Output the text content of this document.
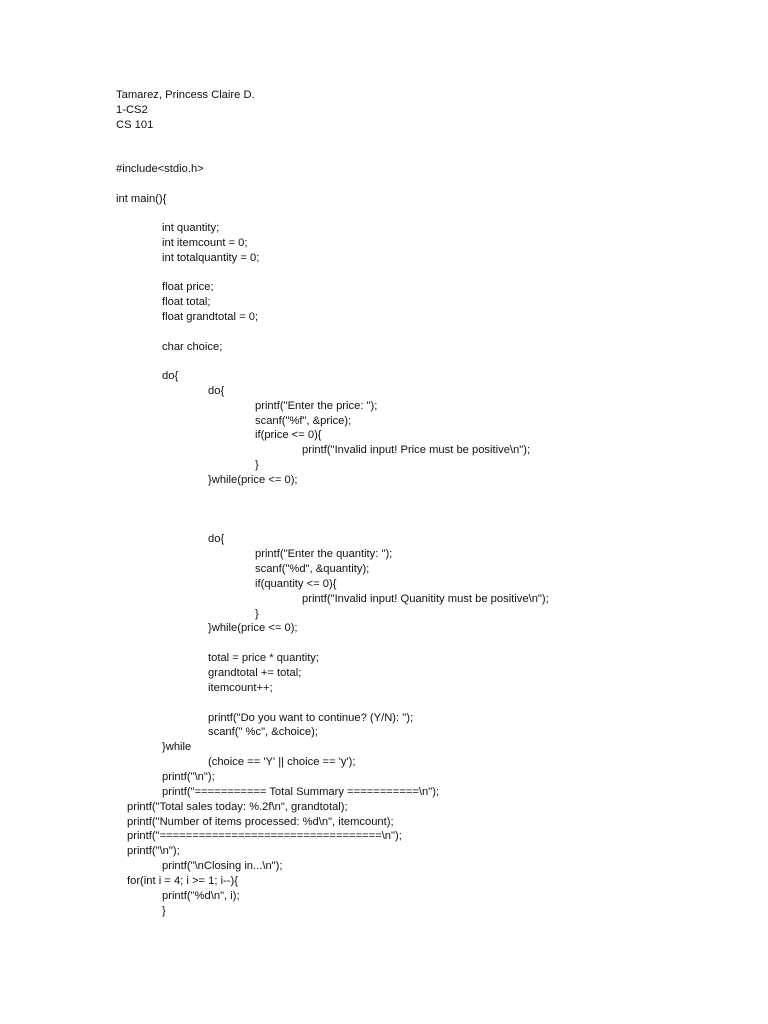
Tamarez, Princess Claire D.
1-CS2
CS 101
#include<stdio.h>
int main(){
int quantity;
int itemcount = 0;
int totalquantity = 0;
float price;
float total;
float grandtotal = 0;
char choice;
do{
do{
printf("Enter the price: ");
scanf("%f", &price);
if(price <= 0){
printf("Invalid input! Price must be positive\n");
}
}while(price <= 0);
do{
printf("Enter the quantity: ");
scanf("%d", &quantity);
if(quantity <= 0){
printf("Invalid input! Quanitity must be positive\n");
}
}while(price <= 0);
total = price * quantity;
grandtotal += total;
itemcount++;
printf("Do you want to continue? (Y/N): ");
scanf(" %c", &choice);
}while
(choice == 'Y' || choice == 'y');
printf("\n");
printf("=========== Total Summary ===========\n");
printf("Total sales today: %.2f\n", grandtotal);
printf("Number of items processed: %d\n", itemcount);
printf("==================================\n");
printf("\n");
printf("\nClosing in...\n");
for(int i = 4; i >= 1; i--){
printf("%d\n", i);
}
